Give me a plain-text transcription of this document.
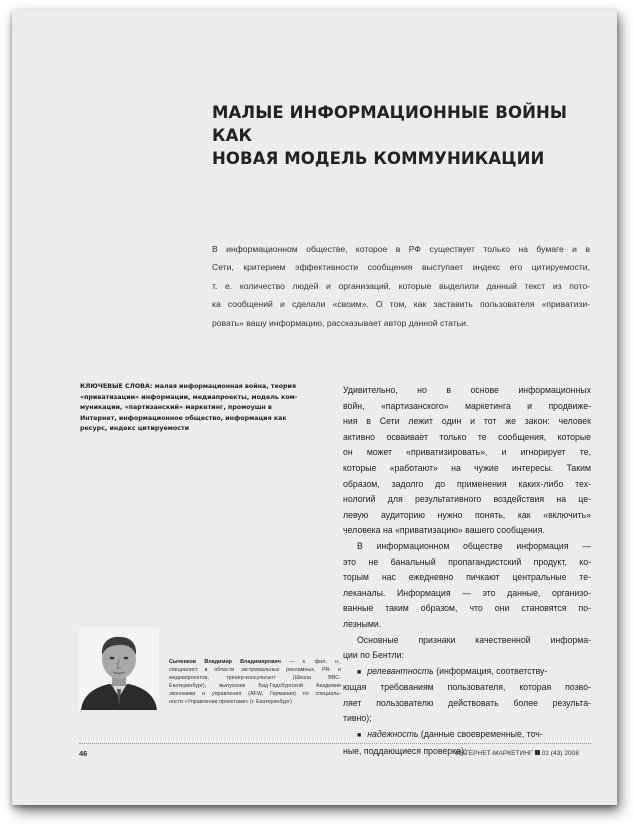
МАЛЫЕ ИНФОРМАЦИОННЫЕ ВОЙНЫ КАК
НОВАЯ МОДЕЛЬ КОММУНИКАЦИИ
В информационном обществе, которое в РФ существует только на бумаге и в
Сети, критерием эффективности сообщения выступает индекс его цитируемости,
т. е. количество людей и организаций, которые выделили данный текст из пото-
ка сообщений и сделали «своим». О том, как заставить пользователя «приватизи-
ровать» вашу информацию, рассказывает автор данной статьи.
КЛЮЧЕВЫЕ СЛОВА: малая информационная война, теория
«приватизации» информации, медиапроекты, модель ком-
муникации, «партизанский» маркетинг, промоушн в
Интернет, информационное общество, информация как
ресурс, индекс цитируемости
Удивительно, но в основе информационных
войн, «партизанского» маркетинга и продвиже-
ния в Сети лежит один и тот же закон: человек
активно осваивает только те сообщения, которые
он может «приватизировать», и игнорирует те,
которые «работают» на чужие интересы. Таким
образом, задолго до применения каких-либо тех-
нологий для результативного воздействия на це-
левую аудиторию нужно понять, как «включить»
человека на «приватизацию» вашего сообщения.
В информационном обществе информация —
это не банальный пропагандистский продукт, ко-
торым нас ежедневно пичкают центральные те-
леканалы. Информация — это данные, организо-
ванные таким образом, что они становятся по-
лезными.
Основные признаки качественной информа-
ции по Бентли:
■ релевантность (информация, соответству-
ющая требованиям пользователя, которая позво-
ляет пользователю действовать более результа-
тивно);
■ надежность (данные своевременные, точ-
ные, поддающиеся проверке);
Сыченков Владимир Владимирович — к. фил. н.,
специалист в области экстремальных рекламных, PR- и
медиапроектов, тренер-консультант (Школа ВВС-
Екатеринбург), выпускник Бад-Гадсбургской Академии
экономики и управления (AFW, Германия) по специаль-
ности «Управление проектами» (г. Екатеринбург)
46	ИНТЕРНЕТ-МАРКЕТИНГ 01 (43) 2008
